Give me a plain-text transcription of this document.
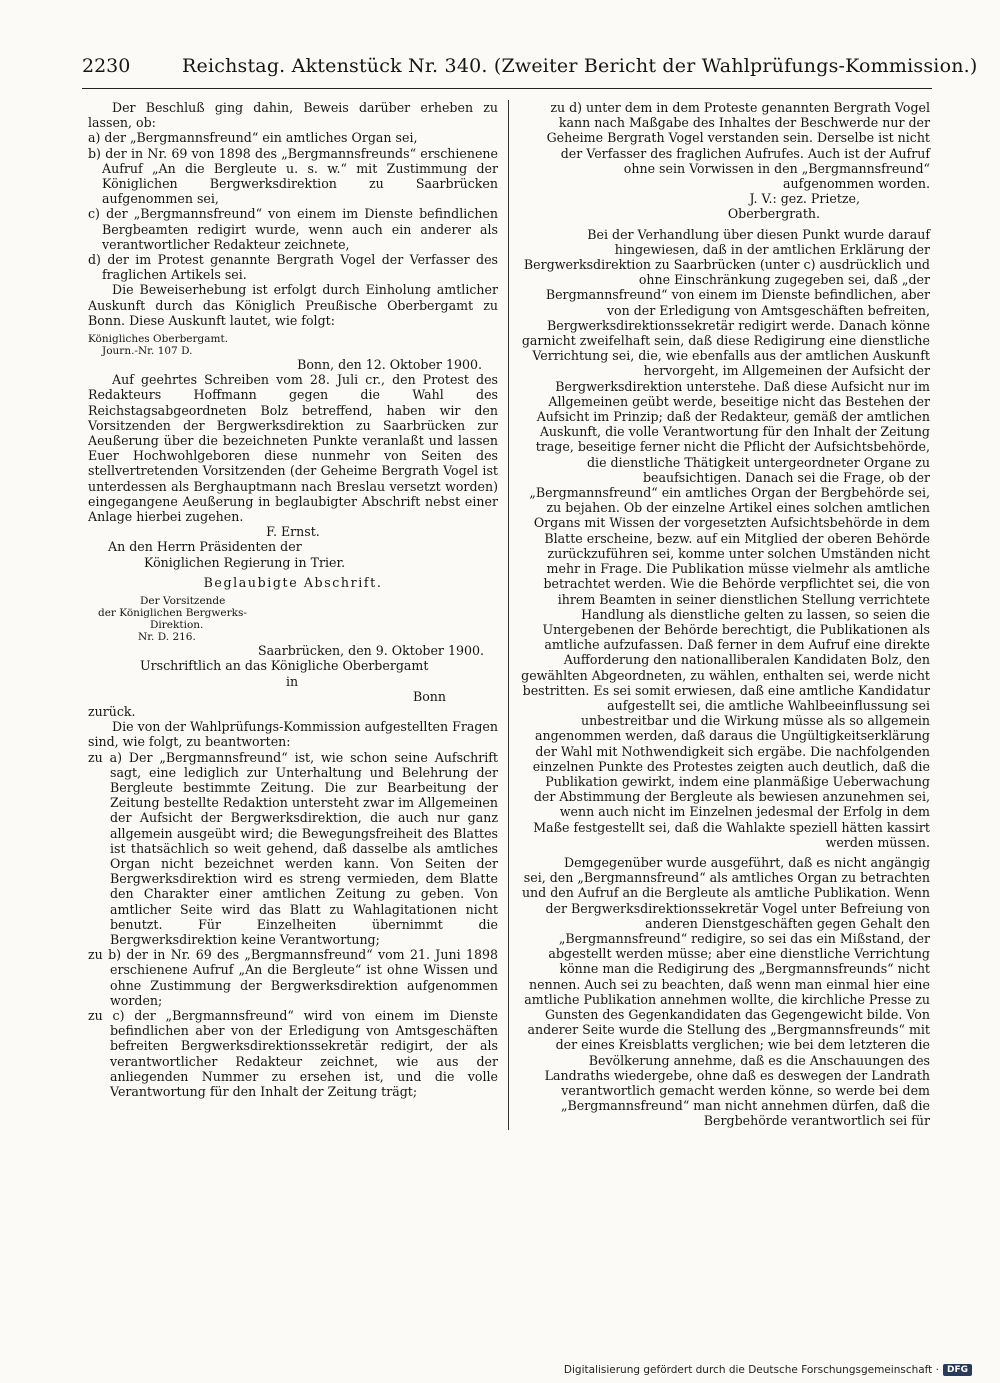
2230	Reichstag. Aktenstück Nr. 340. (Zweiter Bericht der Wahlprüfungs-Kommission.)

Der Beschluß ging dahin, Beweis darüber erheben zu lassen, ob:

a) der „Bergmannsfreund“ ein amtliches Organ sei,

b) der in Nr. 69 von 1898 des „Bergmannsfreunds“ erschienene Aufruf „An die Bergleute u. s. w.“ mit Zustimmung der Königlichen Bergwerksdirektion zu Saarbrücken aufgenommen sei,

c) der „Bergmannsfreund“ von einem im Dienste befindlichen Bergbeamten redigirt wurde, wenn auch ein anderer als verantwortlicher Redakteur zeichnete,

d) der im Protest genannte Bergrath Vogel der Verfasser des fraglichen Artikels sei.

Die Beweiserhebung ist erfolgt durch Einholung amtlicher Auskunft durch das Königlich Preußische Oberbergamt zu Bonn. Diese Auskunft lautet, wie folgt:

Königliches Oberbergamt.

Journ.-Nr. 107 D.

Bonn, den 12. Oktober 1900.

Auf geehrtes Schreiben vom 28. Juli cr., den Protest des Redakteurs Hoffmann gegen die Wahl des Reichstagsabgeordneten Bolz betreffend, haben wir den Vorsitzenden der Bergwerksdirektion zu Saarbrücken zur Aeußerung über die bezeichneten Punkte veranlaßt und lassen Euer Hochwohlgeboren diese nunmehr von Seiten des stellvertretenden Vorsitzenden (der Geheime Bergrath Vogel ist unterdessen als Berghauptmann nach Breslau versetzt worden) eingegangene Aeußerung in beglaubigter Abschrift nebst einer Anlage hierbei zugehen.

F. Ernst.

An den Herrn Präsidenten der

Königlichen Regierung in Trier.

Beglaubigte Abschrift.

Der Vorsitzende

der Königlichen Bergwerks-

Direktion.

Nr. D. 216.

Saarbrücken, den 9. Oktober 1900.

Urschriftlich an das Königliche Oberbergamt

in

Bonn

zurück.

Die von der Wahlprüfungs-Kommission aufgestellten Fragen sind, wie folgt, zu beantworten:

zu a) Der „Bergmannsfreund“ ist, wie schon seine Aufschrift sagt, eine lediglich zur Unterhaltung und Belehrung der Bergleute bestimmte Zeitung. Die zur Bearbeitung der Zeitung bestellte Redaktion untersteht zwar im Allgemeinen der Aufsicht der Bergwerksdirektion, die auch nur ganz allgemein ausgeübt wird; die Bewegungsfreiheit des Blattes ist thatsächlich so weit gehend, daß dasselbe als amtliches Organ nicht bezeichnet werden kann. Von Seiten der Bergwerksdirektion wird es streng vermieden, dem Blatte den Charakter einer amtlichen Zeitung zu geben. Von amtlicher Seite wird das Blatt zu Wahlagitationen nicht benutzt. Für Einzelheiten übernimmt die Bergwerksdirektion keine Verantwortung;

zu b) der in Nr. 69 des „Bergmannsfreund“ vom 21. Juni 1898 erschienene Aufruf „An die Bergleute“ ist ohne Wissen und ohne Zustimmung der Bergwerksdirektion aufgenommen worden;

zu c) der „Bergmannsfreund“ wird von einem im Dienste befindlichen aber von der Erledigung von Amtsgeschäften befreiten Bergwerksdirektionssekretär redigirt, der als verantwortlicher Redakteur zeichnet, wie aus der anliegenden Nummer zu ersehen ist, und die volle Verantwortung für den Inhalt der Zeitung trägt;

zu d) unter dem in dem Proteste genannten Bergrath Vogel kann nach Maßgabe des Inhaltes der Beschwerde nur der Geheime Bergrath Vogel verstanden sein. Derselbe ist nicht der Verfasser des fraglichen Aufrufes. Auch ist der Aufruf ohne sein Vorwissen in den „Bergmannsfreund“ aufgenommen worden.

J. V.: gez. Prietze,

Oberbergrath.

Bei der Verhandlung über diesen Punkt wurde darauf hingewiesen, daß in der amtlichen Erklärung der Bergwerksdirektion zu Saarbrücken (unter c) ausdrücklich und ohne Einschränkung zugegeben sei, daß „der Bergmannsfreund“ von einem im Dienste befindlichen, aber von der Erledigung von Amtsgeschäften befreiten, Bergwerksdirektionssekretär redigirt werde. Danach könne garnicht zweifelhaft sein, daß diese Redigirung eine dienstliche Verrichtung sei, die, wie ebenfalls aus der amtlichen Auskunft hervorgeht, im Allgemeinen der Aufsicht der Bergwerksdirektion unterstehe. Daß diese Aufsicht nur im Allgemeinen geübt werde, beseitige nicht das Bestehen der Aufsicht im Prinzip; daß der Redakteur, gemäß der amtlichen Auskunft, die volle Verantwortung für den Inhalt der Zeitung trage, beseitige ferner nicht die Pflicht der Aufsichtsbehörde, die dienstliche Thätigkeit untergeordneter Organe zu beaufsichtigen. Danach sei die Frage, ob der „Bergmannsfreund“ ein amtliches Organ der Bergbehörde sei, zu bejahen. Ob der einzelne Artikel eines solchen amtlichen Organs mit Wissen der vorgesetzten Aufsichtsbehörde in dem Blatte erscheine, bezw. auf ein Mitglied der oberen Behörde zurückzuführen sei, komme unter solchen Umständen nicht mehr in Frage. Die Publikation müsse vielmehr als amtliche betrachtet werden. Wie die Behörde verpflichtet sei, die von ihrem Beamten in seiner dienstlichen Stellung verrichtete Handlung als dienstliche gelten zu lassen, so seien die Untergebenen der Behörde berechtigt, die Publikationen als amtliche aufzufassen. Daß ferner in dem Aufruf eine direkte Aufforderung den nationalliberalen Kandidaten Bolz, den gewählten Abgeordneten, zu wählen, enthalten sei, werde nicht bestritten. Es sei somit erwiesen, daß eine amtliche Kandidatur aufgestellt sei, die amtliche Wahlbeeinflussung sei unbestreitbar und die Wirkung müsse als so allgemein angenommen werden, daß daraus die Ungültigkeitserklärung der Wahl mit Nothwendigkeit sich ergäbe. Die nachfolgenden einzelnen Punkte des Protestes zeigten auch deutlich, daß die Publikation gewirkt, indem eine planmäßige Ueberwachung der Abstimmung der Bergleute als bewiesen anzunehmen sei, wenn auch nicht im Einzelnen jedesmal der Erfolg in dem Maße festgestellt sei, daß die Wahlakte speziell hätten kassirt werden müssen.

Demgegenüber wurde ausgeführt, daß es nicht angängig sei, den „Bergmannsfreund“ als amtliches Organ zu betrachten und den Aufruf an die Bergleute als amtliche Publikation. Wenn der Bergwerksdirektionssekretär Vogel unter Befreiung von anderen Dienstgeschäften gegen Gehalt den „Bergmannsfreund“ redigire, so sei das ein Mißstand, der abgestellt werden müsse; aber eine dienstliche Verrichtung könne man die Redigirung des „Bergmannsfreunds“ nicht nennen. Auch sei zu beachten, daß wenn man einmal hier eine amtliche Publikation annehmen wollte, die kirchliche Presse zu Gunsten des Gegenkandidaten das Gegengewicht bilde. Von anderer Seite wurde die Stellung des „Bergmannsfreunds“ mit der eines Kreisblatts verglichen; wie bei dem letzteren die Bevölkerung annehme, daß es die Anschauungen des Landraths wiedergebe, ohne daß es deswegen der Landrath verantwortlich gemacht werden könne, so werde bei dem „Bergmannsfreund“ man nicht annehmen dürfen, daß die Bergbehörde verantwortlich sei für

Digitalisierung gefördert durch die Deutsche Forschungsgemeinschaft · DFG
